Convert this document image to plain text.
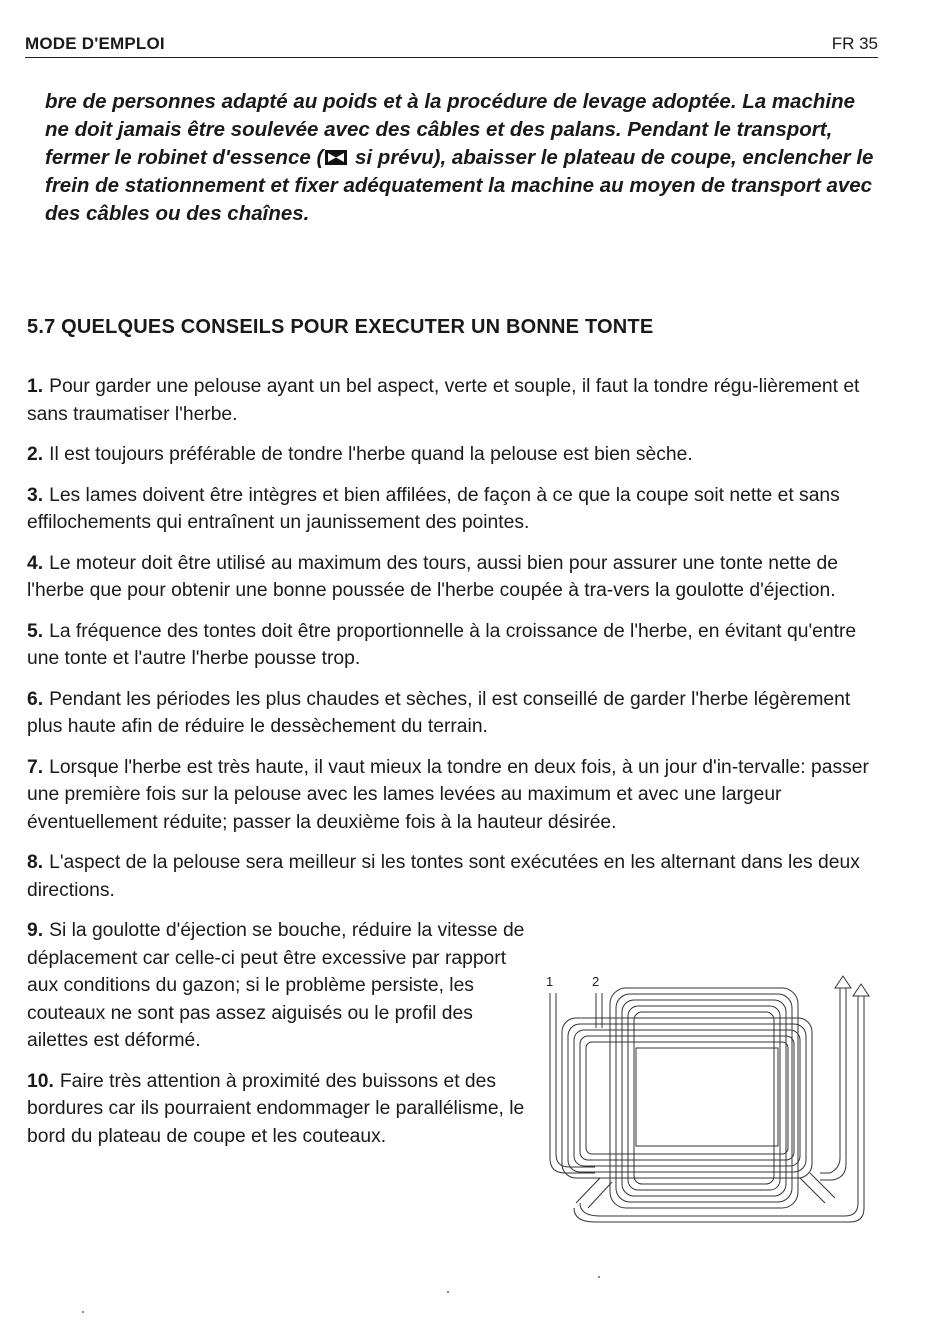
MODE D'EMPLOI	FR 35

bre de personnes adapté au poids et à la procédure de levage adoptée. La machine ne doit jamais être soulevée avec des câbles et des palans. Pendant le transport, fermer le robinet d'essence ( si prévu), abaisser le plateau de coupe, enclencher le frein de stationnement et fixer adéquatement la machine au moyen de transport avec des câbles ou des chaînes.

5.7 QUELQUES CONSEILS POUR EXECUTER UN BONNE TONTE

1. Pour garder une pelouse ayant un bel aspect, verte et souple, il faut la tondre régu-lièrement et sans traumatiser l'herbe.

2. Il est toujours préférable de tondre l'herbe quand la pelouse est bien sèche.

3. Les lames doivent être intègres et bien affilées, de façon à ce que la coupe soit nette et sans effilochements qui entraînent un jaunissement des pointes.

4. Le moteur doit être utilisé au maximum des tours, aussi bien pour assurer une tonte nette de l'herbe que pour obtenir une bonne poussée de l'herbe coupée à tra-vers la goulotte d'éjection.

5. La fréquence des tontes doit être proportionnelle à la croissance de l'herbe, en évitant qu'entre une tonte et l'autre l'herbe pousse trop.

6. Pendant les périodes les plus chaudes et sèches, il est conseillé de garder l'herbe légèrement plus haute afin de réduire le dessèchement du terrain.

7. Lorsque l'herbe est très haute, il vaut mieux la tondre en deux fois, à un jour d'in-tervalle: passer une première fois sur la pelouse avec les lames levées au maximum et avec une largeur éventuellement réduite; passer la deuxième fois à la hauteur désirée.

8. L'aspect de la pelouse sera meilleur si les tontes sont exécutées en les alternant dans les deux directions.

9. Si la goulotte d'éjection se bouche, réduire la vitesse de déplacement car celle-ci peut être excessive par rapport aux conditions du gazon; si le problème persiste, les couteaux ne sont pas assez aiguisés ou le profil des ailettes est déformé.

10. Faire très attention à proximité des buissons et des bordures car ils pourraient endommager le parallélisme, le bord du plateau de coupe et les couteaux.

1	2
